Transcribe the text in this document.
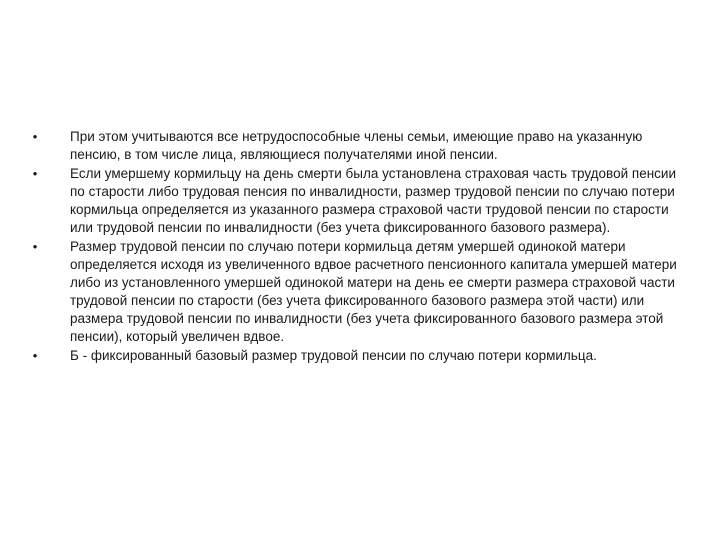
• При этом учитываются все нетрудоспособные члены семьи, имеющие право на указанную пенсию, в том числе лица, являющиеся получателями иной пенсии.
• Если умершему кормильцу на день смерти была установлена страховая часть трудовой пенсии по старости либо трудовая пенсия по инвалидности, размер трудовой пенсии по случаю потери кормильца определяется из указанного размера страховой части трудовой пенсии по старости или трудовой пенсии по инвалидности (без учета фиксированного базового размера).
• Размер трудовой пенсии по случаю потери кормильца детям умершей одинокой матери определяется исходя из увеличенного вдвое расчетного пенсионного капитала умершей матери либо из установленного умершей одинокой матери на день ее смерти размера страховой части трудовой пенсии по старости (без учета фиксированного базового размера этой части) или размера трудовой пенсии по инвалидности (без учета фиксированного базового размера этой пенсии), который увеличен вдвое.
• Б - фиксированный базовый размер трудовой пенсии по случаю потери кормильца.
